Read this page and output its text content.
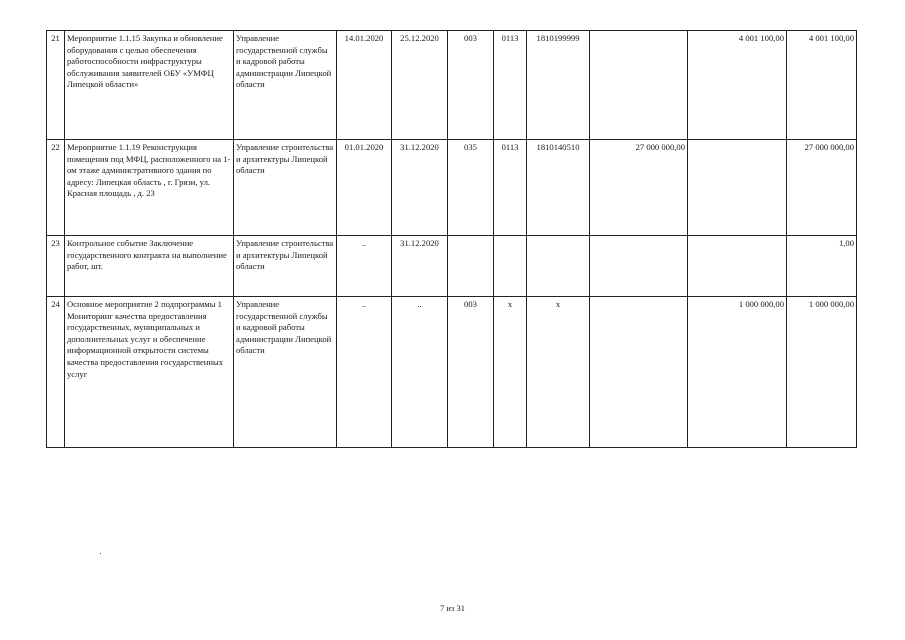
21	Мероприятие 1.1.15 Закупка и обновление оборудования с целью обеспечения работоспособности инфраструктуры обслуживания заявителей ОБУ «УМФЦ Липецкой области»	Управление государственной службы и кадровой работы администрации Липецкой области	14.01.2020	25.12.2020	003	0113	1810199999		4 001 100,00	4 001 100,00
22	Мероприятие 1.1.19 Реконструкция помещения под МФЦ, расположенного на 1-ом этаже административного здания по адресу: Липецкая область , г. Грязи, ул. Красная площадь , д. 23	Управление строительства и архитектуры Липецкой области	01.01.2020	31.12.2020	035	0113	1810140510	27 000 000,00		27 000 000,00
23	Контрольное событие Заключение государственного контракта на выполнение работ, шт.	Управление строительства и архитектуры Липецкой области	..	31.12.2020						1,00
24	Основное мероприятие 2 подпрограммы 1 Мониторинг качества предоставления государственных, муниципальных и дополнительных услуг и обеспечение информационной открытости системы качества предоставления государственных услуг	Управление государственной службы и кадровой работы администрации Липецкой области	..	..	003	х	х		1 000 000,00	1 000 000,00
7 из 31
